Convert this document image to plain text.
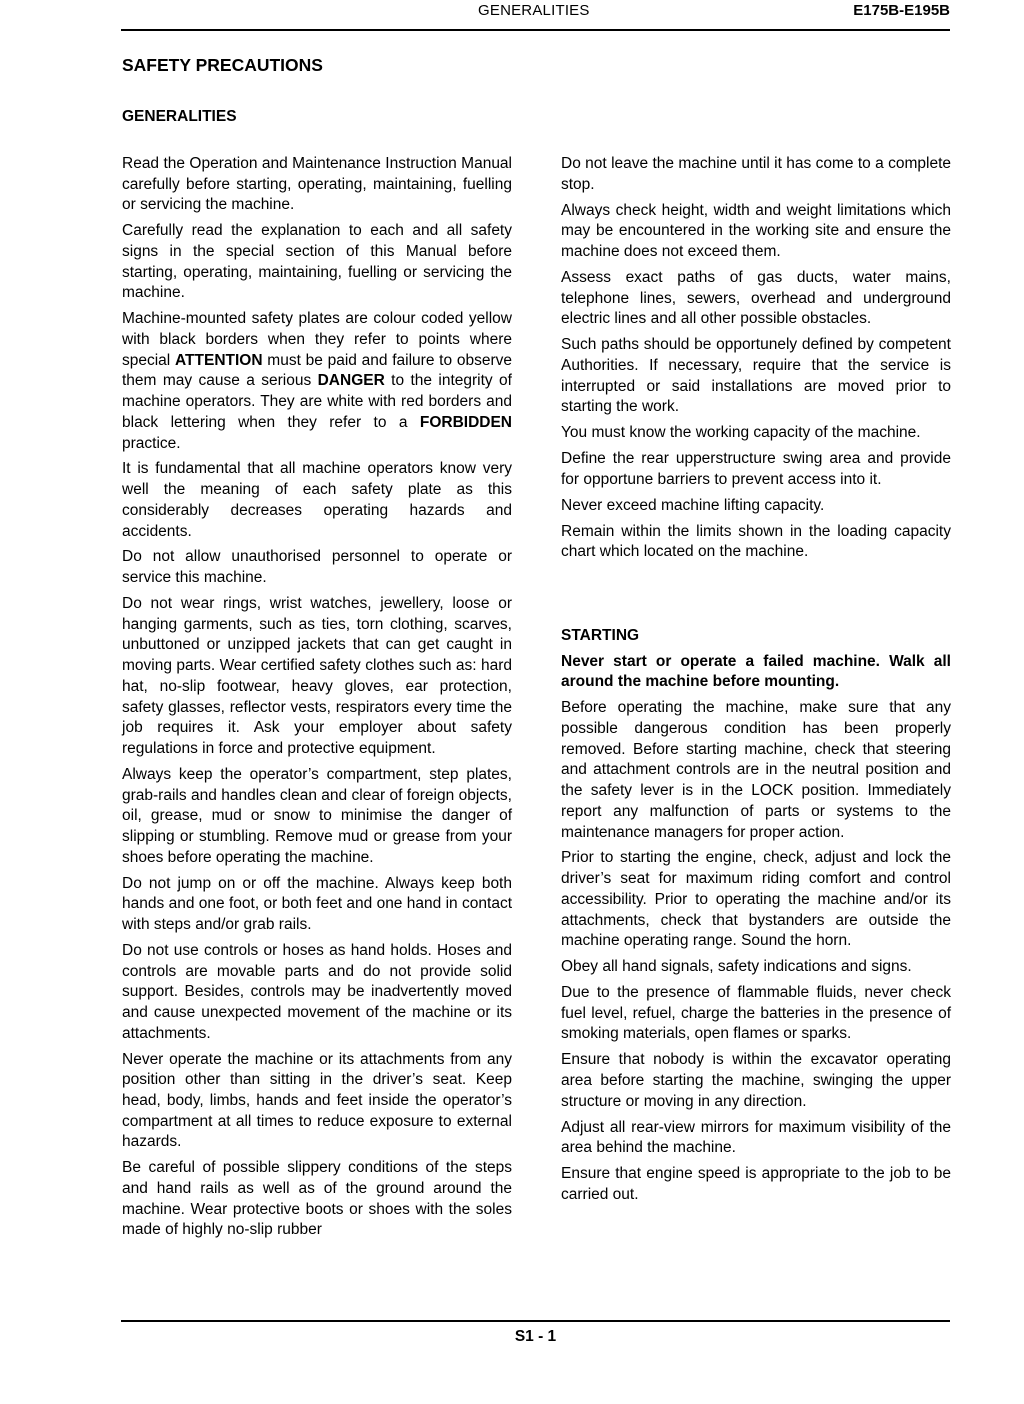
GENERALITIES	E175B-E195B
SAFETY PRECAUTIONS
GENERALITIES

Read the Operation and Maintenance Instruction Manual carefully before starting, operating, maintaining, fuelling or servicing the machine.

Carefully read the explanation to each and all safety signs in the special section of this Manual before starting, operating, maintaining, fuelling or servicing the machine.

Machine-mounted safety plates are colour coded yellow with black borders when they refer to points where special ATTENTION must be paid and failure to observe them may cause a serious DANGER to the integrity of machine operators. They are white with red borders and black lettering when they refer to a FORBIDDEN practice.

It is fundamental that all machine operators know very well the meaning of each safety plate as this considerably decreases operating hazards and accidents.

Do not allow unauthorised personnel to operate or service this machine.

Do not wear rings, wrist watches, jewellery, loose or hanging garments, such as ties, torn clothing, scarves, unbuttoned or unzipped jackets that can get caught in moving parts. Wear certified safety clothes such as: hard hat, no-slip footwear, heavy gloves, ear protection, safety glasses, reflector vests, respirators every time the job requires it. Ask your employer about safety regulations in force and protective equipment.

Always keep the operator’s compartment, step plates, grab-rails and handles clean and clear of foreign objects, oil, grease, mud or snow to minimise the danger of slipping or stumbling. Remove mud or grease from your shoes before operating the machine.

Do not jump on or off the machine. Always keep both hands and one foot, or both feet and one hand in contact with steps and/or grab rails.

Do not use controls or hoses as hand holds. Hoses and controls are movable parts and do not provide solid support. Besides, controls may be inadvertently moved and cause unexpected movement of the machine or its attachments.

Never operate the machine or its attachments from any position other than sitting in the driver’s seat. Keep head, body, limbs, hands and feet inside the operator’s compartment at all times to reduce exposure to external hazards.

Be careful of possible slippery conditions of the steps and hand rails as well as of the ground around the machine. Wear protective boots or shoes with the soles made of highly no-slip rubber

Do not leave the machine until it has come to a complete stop.

Always check height, width and weight limitations which may be encountered in the working site and ensure the machine does not exceed them.

Assess exact paths of gas ducts, water mains, telephone lines, sewers, overhead and underground electric lines and all other possible obstacles.

Such paths should be opportunely defined by competent Authorities. If necessary, require that the service is interrupted or said installations are moved prior to starting the work.

You must know the working capacity of the machine.

Define the rear upperstructure swing area and provide for opportune barriers to prevent access into it.

Never exceed machine lifting capacity.

Remain within the limits shown in the loading capacity chart which located on the machine.

STARTING

Never start or operate a failed machine. Walk all around the machine before mounting.

Before operating the machine, make sure that any possible dangerous condition has been properly removed. Before starting machine, check that steering and attachment controls are in the neutral position and the safety lever is in the LOCK position. Immediately report any malfunction of parts or systems to the maintenance managers for proper action.

Prior to starting the engine, check, adjust and lock the driver’s seat for maximum riding comfort and control accessibility. Prior to operating the machine and/or its attachments, check that bystanders are outside the machine operating range. Sound the horn.

Obey all hand signals, safety indications and signs.

Due to the presence of flammable fluids, never check fuel level, refuel, charge the batteries in the presence of smoking materials, open flames or sparks.

Ensure that nobody is within the excavator operating area before starting the machine, swinging the upper structure or moving in any direction.

Adjust all rear-view mirrors for maximum visibility of the area behind the machine.

Ensure that engine speed is appropriate to the job to be carried out.

S1 - 1
